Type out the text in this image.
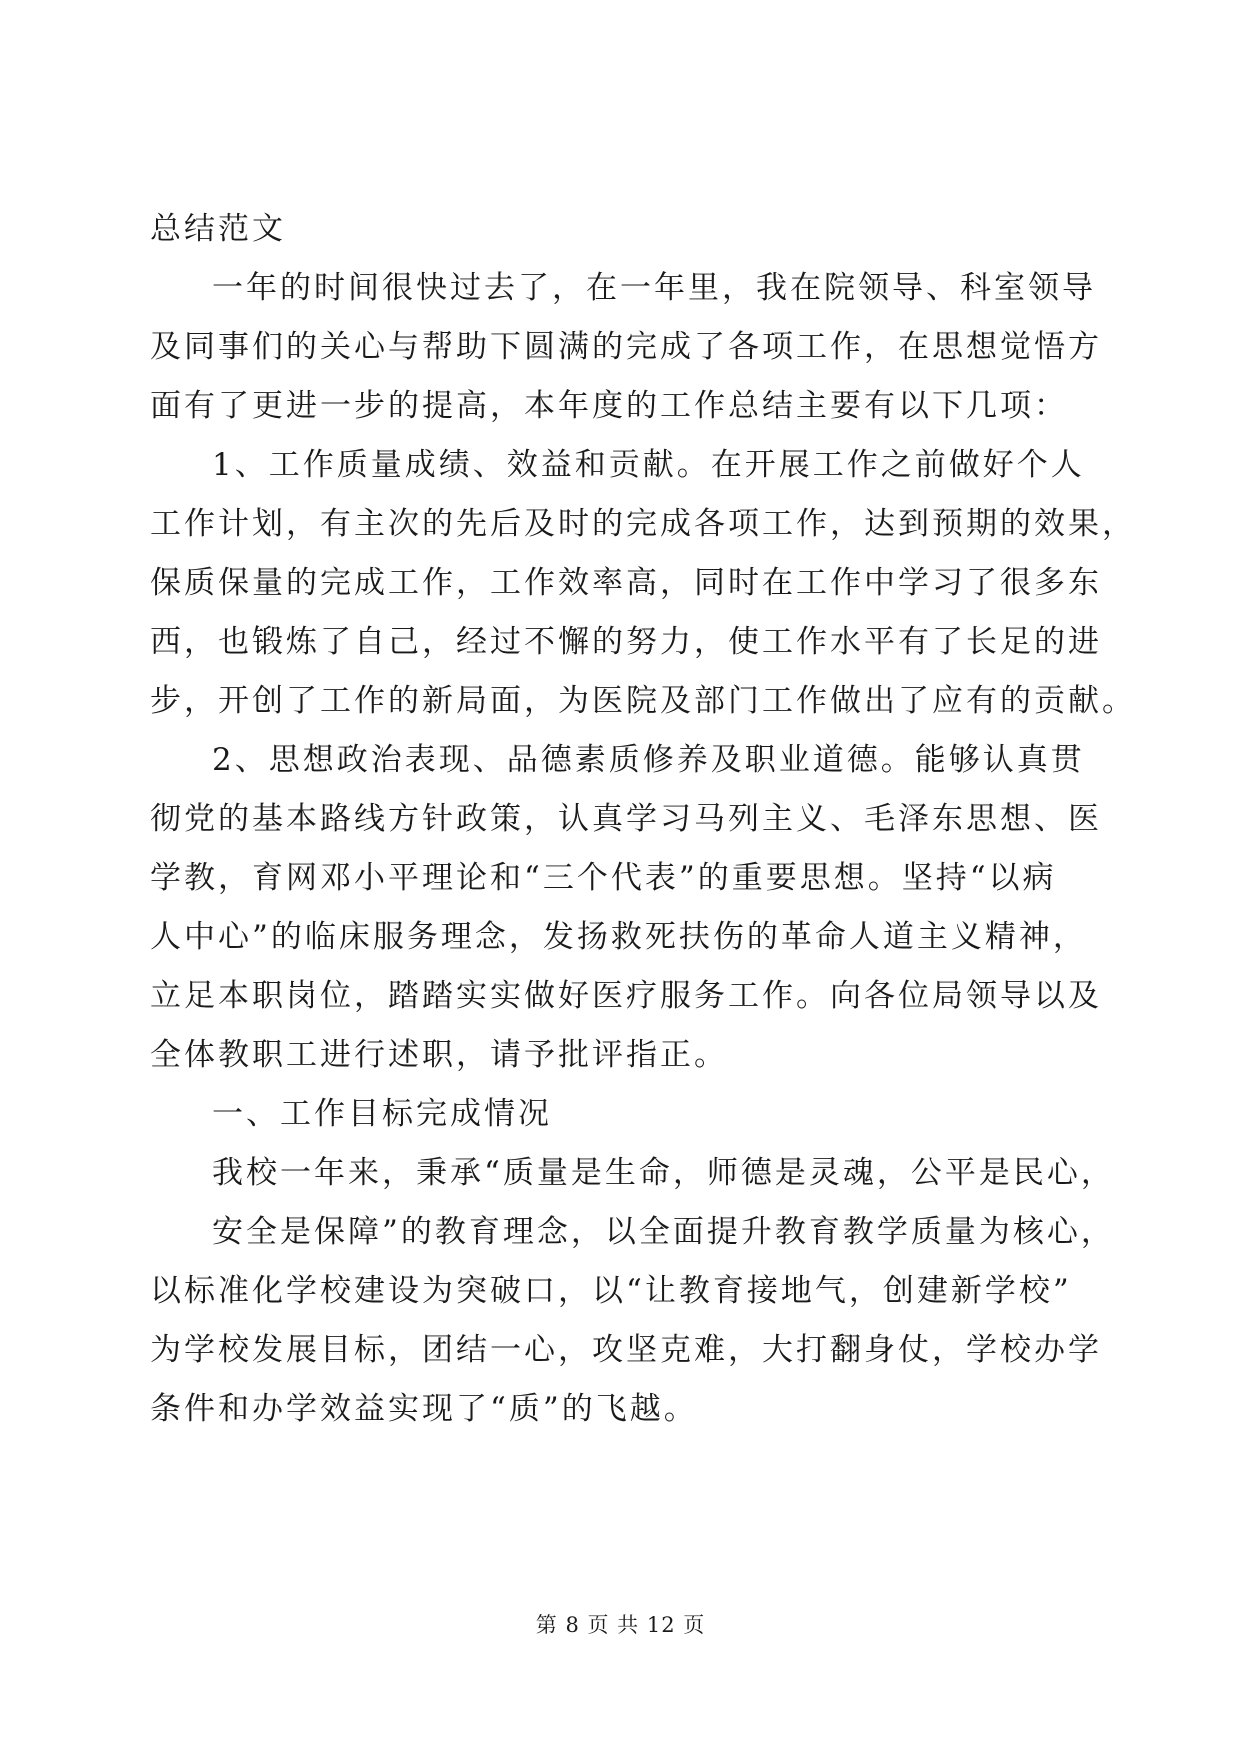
总结范文
一年的时间很快过去了，在一年里，我在院领导、科室领导
及同事们的关心与帮助下圆满的完成了各项工作，在思想觉悟方
面有了更进一步的提高，本年度的工作总结主要有以下几项：
1、工作质量成绩、效益和贡献。在开展工作之前做好个人
工作计划，有主次的先后及时的完成各项工作，达到预期的效果，
保质保量的完成工作，工作效率高，同时在工作中学习了很多东
西，也锻炼了自己，经过不懈的努力，使工作水平有了长足的进
步，开创了工作的新局面，为医院及部门工作做出了应有的贡献。
2、思想政治表现、品德素质修养及职业道德。能够认真贯
彻党的基本路线方针政策，认真学习马列主义、毛泽东思想、医
学教，育网邓小平理论和“三个代表”的重要思想。坚持“以病
人中心”的临床服务理念，发扬救死扶伤的革命人道主义精神，
立足本职岗位，踏踏实实做好医疗服务工作。向各位局领导以及
全体教职工进行述职，请予批评指正。
一、工作目标完成情况
我校一年来，秉承“质量是生命，师德是灵魂，公平是民心，
安全是保障”的教育理念，以全面提升教育教学质量为核心，
以标准化学校建设为突破口，以“让教育接地气，创建新学校”
为学校发展目标，团结一心，攻坚克难，大打翻身仗，学校办学
条件和办学效益实现了“质”的飞越。
第 8 页 共 12 页
